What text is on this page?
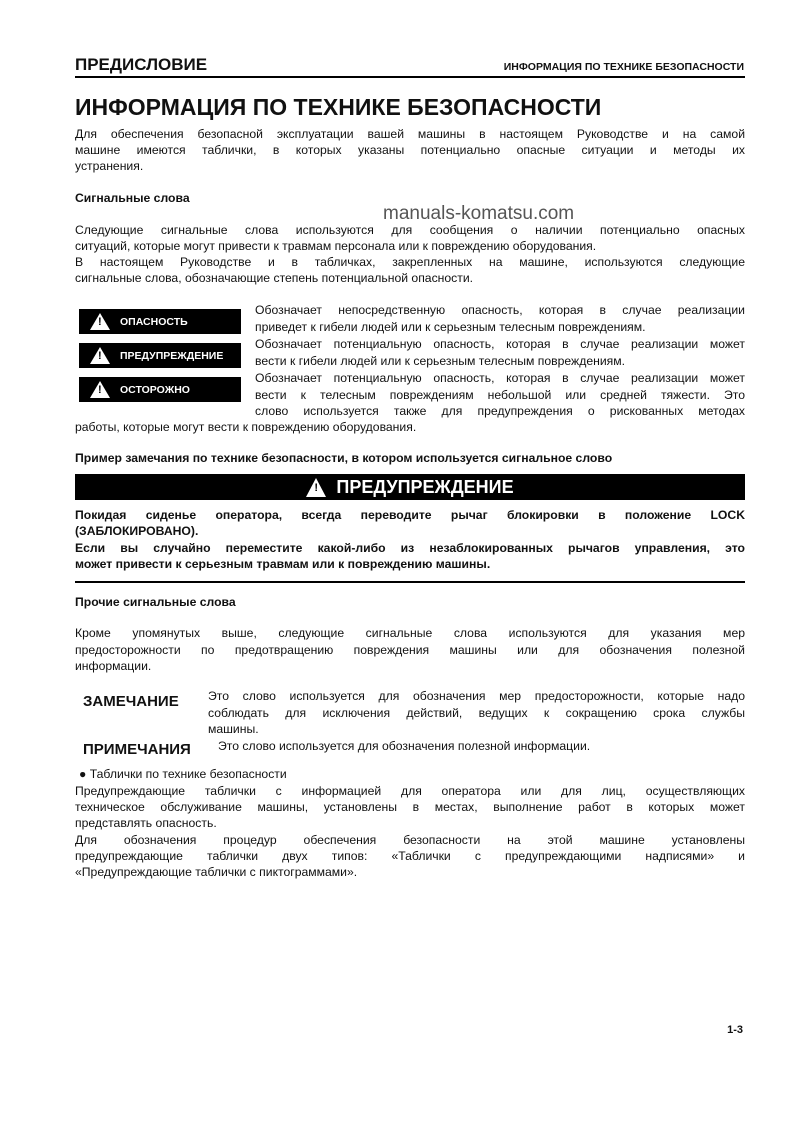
ПРЕДИСЛОВИЕ	ИНФОРМАЦИЯ ПО ТЕХНИКЕ БЕЗОПАСНОСТИ
ИНФОРМАЦИЯ ПО ТЕХНИКЕ БЕЗОПАСНОСТИ
Для обеспечения безопасной эксплуатации вашей машины в настоящем Руководстве и на самой
машине имеются таблички, в которых указаны потенциально опасные ситуации и методы их
устранения.
Сигнальные слова
manuals-komatsu.com
Следующие сигнальные слова используются для сообщения о наличии потенциально опасных
ситуаций, которые могут привести к травмам персонала или к повреждению оборудования.
В настоящем Руководстве и в табличках, закрепленных на машине, используются следующие
сигнальные слова, обозначающие степень потенциальной опасности.
! ОПАСНОСТЬ
! ПРЕДУПРЕЖДЕНИЕ
! ОСТОРОЖНО
Обозначает непосредственную опасность, которая в случае реализации
приведет к гибели людей или к серьезным телесным повреждениям.
Обозначает потенциальную опасность, которая в случае реализации может
вести к гибели людей или к серьезным телесным повреждениям.
Обозначает потенциальную опасность, которая в случае реализации может
вести к телесным повреждениям небольшой или средней тяжести. Это
слово используется также для предупреждения о рискованных методах
работы, которые могут вести к повреждению оборудования.
Пример замечания по технике безопасности, в котором используется сигнальное слово
! ПРЕДУПРЕЖДЕНИЕ
Покидая сиденье оператора, всегда переводите рычаг блокировки в положение LOCK
(ЗАБЛОКИРОВАНО).
Если вы случайно переместите какой-либо из незаблокированных рычагов управления, это
может привести к серьезным травмам или к повреждению машины.
Прочие сигнальные слова
Кроме упомянутых выше, следующие сигнальные слова используются для указания мер
предосторожности по предотвращению повреждения машины или для обозначения полезной
информации.
ЗАМЕЧАНИЕ Это слово используется для обозначения мер предосторожности, которые надо
соблюдать для исключения действий, ведущих к сокращению срока службы
машины.
ПРИМЕЧАНИЯ Это слово используется для обозначения полезной информации.
● Таблички по технике безопасности
Предупреждающие таблички с информацией для оператора или для лиц, осуществляющих
техническое обслуживание машины, установлены в местах, выполнение работ в которых может
представлять опасность.
Для обозначения процедур обеспечения безопасности на этой машине установлены
предупреждающие таблички двух типов: «Таблички с предупреждающими надписями» и
«Предупреждающие таблички с пиктограммами».
1-3
